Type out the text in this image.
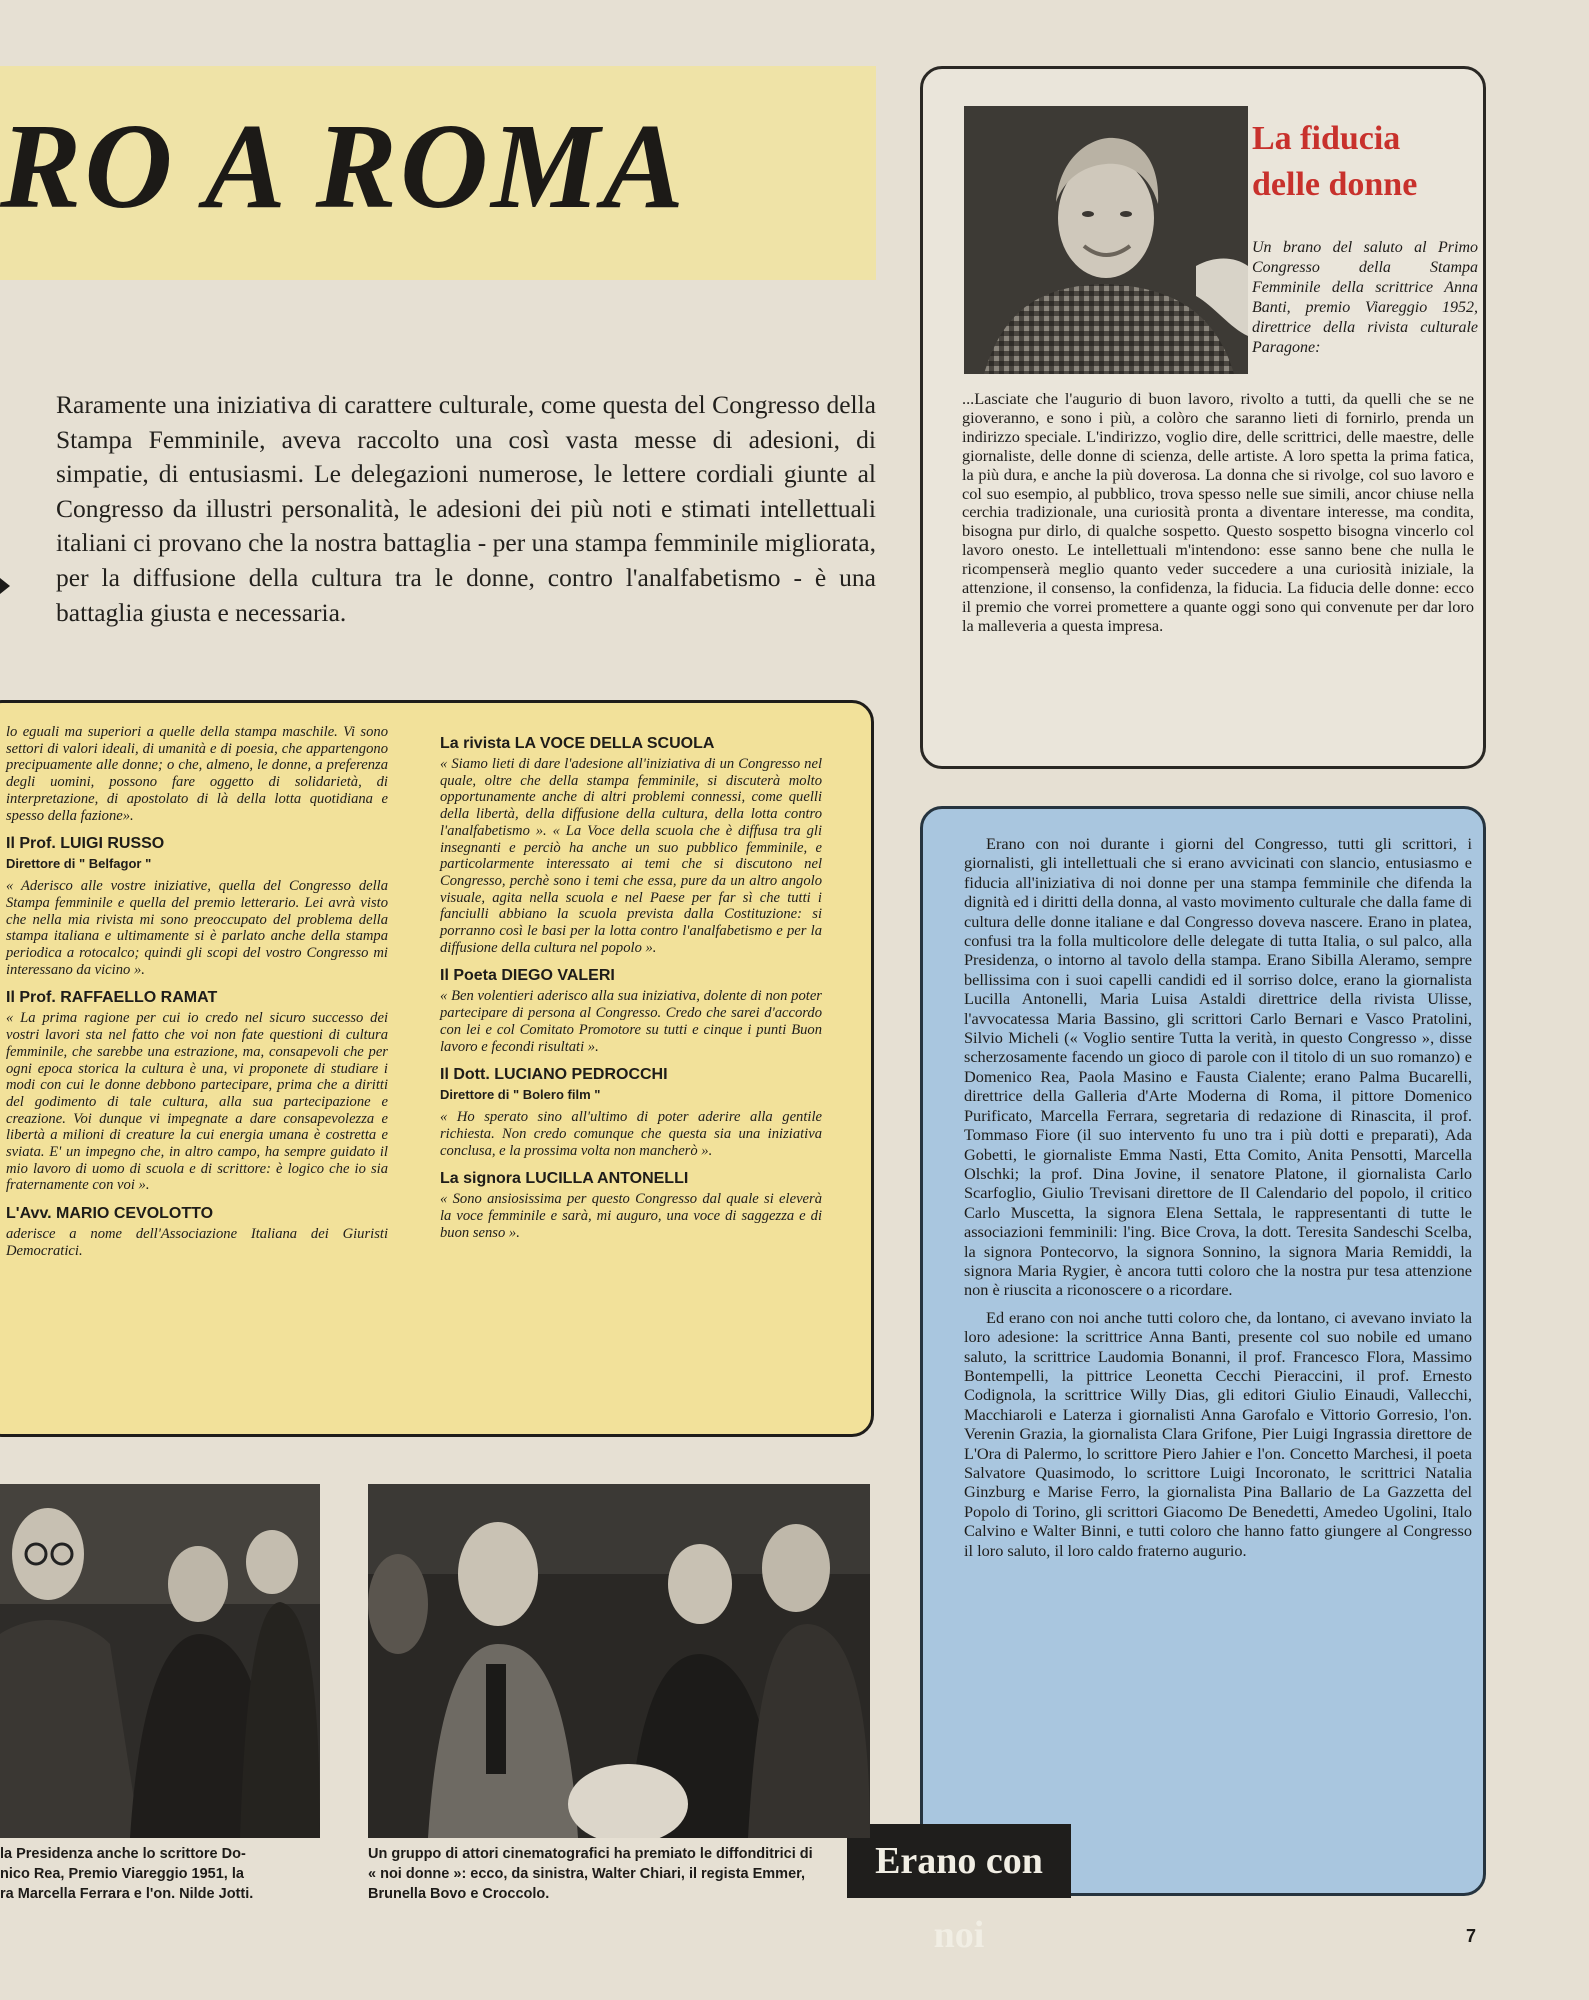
RO A ROMA
Raramente una iniziativa di carattere culturale, come questa del Congresso della Stampa Femminile, aveva raccolto una così vasta messe di adesioni, di simpatie, di entusiasmi. Le delegazioni numerose, le lettere cordiali giunte al Congresso da illustri personalità, le adesioni dei più noti e stimati intellettuali italiani ci provano che la nostra battaglia - per una stampa femminile migliorata, per la diffusione della cultura tra le donne, contro l'analfabetismo - è una battaglia giusta e necessaria.
La fiducia
delle donne
Un brano del saluto al Primo Congresso della Stampa Femminile della scrittrice Anna Banti, premio Viareggio 1952, direttrice della rivista culturale Paragone:
...Lasciate che l'augurio di buon lavoro, rivolto a tutti, da quelli che se ne gioveranno, e sono i più, a colòro che saranno lieti di fornirlo, prenda un indirizzo speciale. L'indirizzo, voglio dire, delle scrittrici, delle maestre, delle giornaliste, delle donne di scienza, delle artiste. A loro spetta la prima fatica, la più dura, e anche la più doverosa. La donna che si rivolge, col suo lavoro e col suo esempio, al pubblico, trova spesso nelle sue simili, ancor chiuse nella cerchia tradizionale, una curiosità pronta a diventare interesse, ma condita, bisogna pur dirlo, di qualche sospetto. Questo sospetto bisogna vincerlo col lavoro onesto. Le intellettuali m'intendono: esse sanno bene che nulla le ricompenserà meglio quanto veder succedere a una curiosità iniziale, la attenzione, il consenso, la confidenza, la fiducia. La fiducia delle donne: ecco il premio che vorrei promettere a quante oggi sono qui convenute per dar loro la malleveria a questa impresa.

lo eguali ma superiori a quelle della stampa maschile. Vi sono settori di valori ideali, di umanità e di poesia, che appartengono precipuamente alle donne; o che, almeno, le donne, a preferenza degli uomini, possono fare oggetto di solidarietà, di interpretazione, di apostolato di là della lotta quotidiana e spesso della fazione».

Il Prof. LUIGI RUSSO
Direttore di " Belfagor "

« Aderisco alle vostre iniziative, quella del Congresso della Stampa femminile e quella del premio letterario. Lei avrà visto che nella mia rivista mi sono preoccupato del problema della stampa italiana e ultimamente si è parlato anche della stampa periodica a rotocalco; quindi gli scopi del vostro Congresso mi interessano da vicino ».

Il Prof. RAFFAELLO RAMAT

« La prima ragione per cui io credo nel sicuro successo dei vostri lavori sta nel fatto che voi non fate questioni di cultura femminile, che sarebbe una estrazione, ma, consapevoli che per ogni epoca storica la cultura è una, vi proponete di studiare i modi con cui le donne debbono partecipare, prima che a diritti del godimento di tale cultura, alla sua partecipazione e creazione. Voi dunque vi impegnate a dare consapevolezza e libertà a milioni di creature la cui energia umana è costretta e sviata. E' un impegno che, in altro campo, ha sempre guidato il mio lavoro di uomo di scuola e di scrittore: è logico che io sia fraternamente con voi ».

L'Avv. MARIO CEVOLOTTO

aderisce a nome dell'Associazione Italiana dei Giuristi Democratici.

La rivista LA VOCE DELLA SCUOLA

« Siamo lieti di dare l'adesione all'iniziativa di un Congresso nel quale, oltre che della stampa femminile, si discuterà molto opportunamente anche di altri problemi connessi, come quelli della libertà, della diffusione della cultura, della lotta contro l'analfabetismo ». « La Voce della scuola che è diffusa tra gli insegnanti e perciò ha anche un suo pubblico femminile, e particolarmente interessato ai temi che si discutono nel Congresso, perchè sono i temi che essa, pure da un altro angolo visuale, agita nella scuola e nel Paese per far sì che tutti i fanciulli abbiano la scuola prevista dalla Costituzione: si porranno così le basi per la lotta contro l'analfabetismo e per la diffusione della cultura nel popolo ».

Il Poeta DIEGO VALERI

« Ben volentieri aderisco alla sua iniziativa, dolente di non poter partecipare di persona al Congresso. Credo che sarei d'accordo con lei e col Comitato Promotore su tutti e cinque i punti Buon lavoro e fecondi risultati ».

Il Dott. LUCIANO PEDROCCHI
Direttore di " Bolero film "

« Ho sperato sino all'ultimo di poter aderire alla gentile richiesta. Non credo comunque che questa sia una iniziativa conclusa, e la prossima volta non mancherò ».

La signora LUCILLA ANTONELLI

« Sono ansiosissima per questo Congresso dal quale si eleverà la voce femminile e sarà, mi auguro, una voce di saggezza e di buon senso ».

Erano con noi durante i giorni del Congresso, tutti gli scrittori, i giornalisti, gli intellettuali che si erano avvicinati con slancio, entusiasmo e fiducia all'iniziativa di noi donne per una stampa femminile che difenda la dignità ed i diritti della donna, al vasto movimento culturale che dalla fame di cultura delle donne italiane e dal Congresso doveva nascere. Erano in platea, confusi tra la folla multicolore delle delegate di tutta Italia, o sul palco, alla Presidenza, o intorno al tavolo della stampa. Erano Sibilla Aleramo, sempre bellissima con i suoi capelli candidi ed il sorriso dolce, erano la giornalista Lucilla Antonelli, Maria Luisa Astaldi direttrice della rivista Ulisse, l'avvocatessa Maria Bassino, gli scrittori Carlo Bernari e Vasco Pratolini, Silvio Micheli (« Voglio sentire Tutta la verità, in questo Congresso », disse scherzosamente facendo un gioco di parole con il titolo di un suo romanzo) e Domenico Rea, Paola Masino e Fausta Cialente; erano Palma Bucarelli, direttrice della Galleria d'Arte Moderna di Roma, il pittore Domenico Purificato, Marcella Ferrara, segretaria di redazione di Rinascita, il prof. Tommaso Fiore (il suo intervento fu uno tra i più dotti e preparati), Ada Gobetti, le giornaliste Emma Nasti, Etta Comito, Anita Pensotti, Marcella Olschki; la prof. Dina Jovine, il senatore Platone, il giornalista Carlo Scarfoglio, Giulio Trevisani direttore de Il Calendario del popolo, il critico Carlo Muscetta, la signora Elena Settala, le rappresentanti di tutte le associazioni femminili: l'ing. Bice Crova, la dott. Teresita Sandeschi Scelba, la signora Pontecorvo, la signora Sonnino, la signora Maria Remiddi, la signora Maria Rygier, è ancora tutti coloro che la nostra pur tesa attenzione non è riuscita a riconoscere o a ricordare.

Ed erano con noi anche tutti coloro che, da lontano, ci avevano inviato la loro adesione: la scrittrice Anna Banti, presente col suo nobile ed umano saluto, la scrittrice Laudomia Bonanni, il prof. Francesco Flora, Massimo Bontempelli, la pittrice Leonetta Cecchi Pieraccini, il prof. Ernesto Codignola, la scrittrice Willy Dias, gli editori Giulio Einaudi, Vallecchi, Macchiaroli e Laterza i giornalisti Anna Garofalo e Vittorio Gorresio, l'on. Verenin Grazia, la giornalista Clara Grifone, Pier Luigi Ingrassia direttore de L'Ora di Palermo, lo scrittore Piero Jahier e l'on. Concetto Marchesi, il poeta Salvatore Quasimodo, lo scrittore Luigi Incoronato, le scrittrici Natalia Ginzburg e Marise Ferro, la giornalista Pina Ballario de La Gazzetta del Popolo di Torino, gli scrittori Giacomo De Benedetti, Amedeo Ugolini, Italo Calvino e Walter Binni, e tutti coloro che hanno fatto giungere al Congresso il loro saluto, il loro caldo fraterno augurio.

Erano con noi
la Presidenza anche lo scrittore Do-
nico Rea, Premio Viareggio 1951, la
ra Marcella Ferrara e l'on. Nilde Jotti.
Un gruppo di attori cinematografici ha premiato le diffonditrici di « noi donne »: ecco, da sinistra, Walter Chiari, il regista Emmer, Brunella Bovo e Croccolo.
7
